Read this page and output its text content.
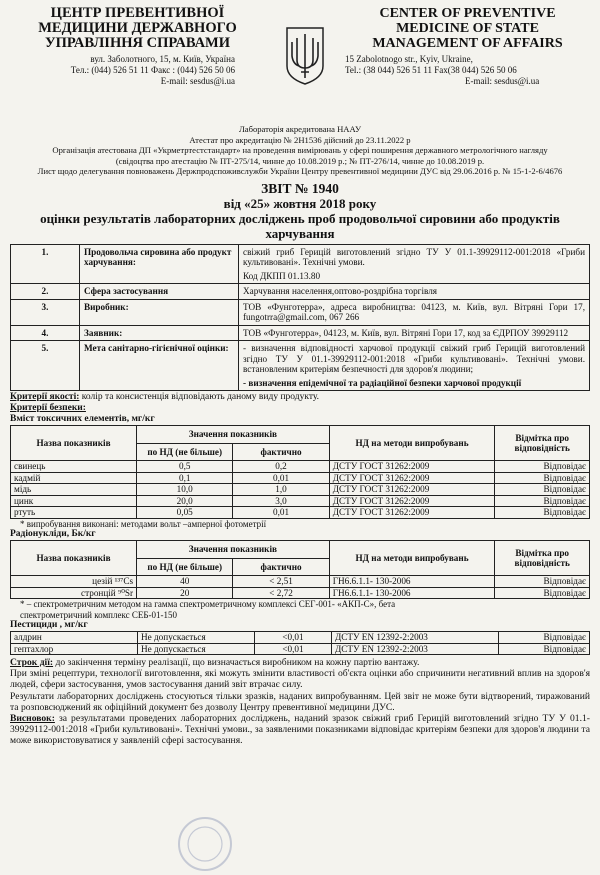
ЦЕНТР ПРЕВЕНТИВНОЇ МЕДИЦИНИ ДЕРЖАВНОГО УПРАВЛІННЯ СПРАВАМИ
вул. Заболотного, 15, м. Київ, Україна
Тел.: (044) 526 51 11 Факс : (044) 526 50 06
E-mail: sesdus@i.ua
CENTER OF PREVENTIVE MEDICINE OF STATE MANAGEMENT OF AFFAIRS
15 Zabolotnogo str., Kyiv, Ukraine,
Tel.: (38 044) 526 51 11 Fax(38 044) 526 50 06
E-mail: sesdus@i.ua
Лабораторія акредитована НААУ
Атестат про акредитацію № 2Н1536 дійсний до 23.11.2022 р
Організація атестована ДП «Укрметртестстандарт» на проведення вимірювань у сфері поширення державного метрологічного нагляду
(свідоцтва про атестацію № ПТ-275/14, чинне до 10.08.2019 р.; № ПТ-276/14, чинне до 10.08.2019 р.
Лист щодо делегування повноважень Держпродспоживслужби України Центру превентивної медицини ДУС від 29.06.2016 р. № 15-1-2-6/4676
ЗВІТ № 1940
від «25» жовтня 2018 року
оцінки результатів лабораторних досліджень проб продовольчої сировини або продуктів харчування
1.	Продовольча сировина або продукт харчування:	свіжий гриб Герицій виготовлений згідно ТУ У 01.1-39929112-001:2018 «Гриби культивовані». Технічні умови.
Код ДКПП 01.13.80

2.	Сфера застосування	Харчування населення,оптово-роздрібна торгівля
3.	Виробник:	ТОВ «Фунготерра», адреса виробництва: 04123, м. Київ, вул. Вітряні Гори 17, fungotrra@gmail.com, 067 266
4.	Заявник:	ТОВ «Фунготерра», 04123, м. Київ, вул. Вітряні Гори 17, код за ЄДРПОУ 39929112
5.	Мета санітарно-гігієнічної оцінки:	- визначення відповідності харчової продукції свіжий гриб Герицій виготовлений згідно ТУ У 01.1-39929112-001:2018 «Гриби культивовані». Технічні умови. встановленим критеріям безпечності для здоров'я людини;
- визначення епідемічної та радіаційної безпеки харчової продукції
Критерії якості: колір та консистенція відповідають даному виду продукту.
Критерії безпеки:
Вміст токсичних елементів, мг/кг
Назва показників	Значення показників		НД на методи випробувань	Відмітка про відповідність
	по НД (не більше)	фактично		
свинець	0,5	0,2	ДСТУ ГОСТ 31262:2009	Відповідає
кадмій	0,1	0,01	ДСТУ ГОСТ 31262:2009	Відповідає
мідь	10,0	1,0	ДСТУ ГОСТ 31262:2009	Відповідає
цинк	20,0	3,0	ДСТУ ГОСТ 31262:2009	Відповідає
ртуть	0,05	0,01	ДСТУ ГОСТ 31262:2009	Відповідає
* випробування виконані: методами вольт –амперної фотометрії
Радіонукліди, Бк/кг
Назва показників	Значення показників		НД на методи випробувань	Відмітка про відповідність
	по НД (не більше)	фактично		
цезій ¹³⁷Cs	40	< 2,51	ГН6.6.1.1- 130-2006	Відповідає
стронцій ⁹⁰Sr	20	< 2,72	ГН6.6.1.1- 130-2006	Відповідає
* – спектрометричним методом на гамма спектрометричному комплексі СЕГ-001- «АКП-С», бета
спектрометричний комплекс СЕБ-01-150
Пестициди , мг/кг
алдрин	Не допускається	<0,01	ДСТУ EN 12392-2:2003	Відповідає
гептахлор	Не допускається	<0,01	ДСТУ EN 12392-2:2003	Відповідає
Строк дії: до закінчення терміну реалізації, що визначається виробником на кожну партію вантажу.
При зміні рецептури, технології виготовлення, які можуть змінити властивості об'єкта оцінки або спричинити негативний вплив на здоров'я людей, сфери застосування, умов застосування даний звіт втрачає силу.
Результати лабораторних досліджень стосуються тільки зразків, наданих випробуванням. Цей звіт не може бути відтворений, тиражований та розповсюджений як офіційний документ без дозволу Центру превентивної медицини ДУС.
Висновок: за результатами проведених лабораторних досліджень, наданий зразок свіжий гриб Герицій виготовлений згідно ТУ У 01.1-39929112-001:2018 «Гриби культивовані». Технічні умови., за заявленими показниками відповідає критеріям безпеки для здоров'я людини та може використовуватися у заявленій сфері застосування.
